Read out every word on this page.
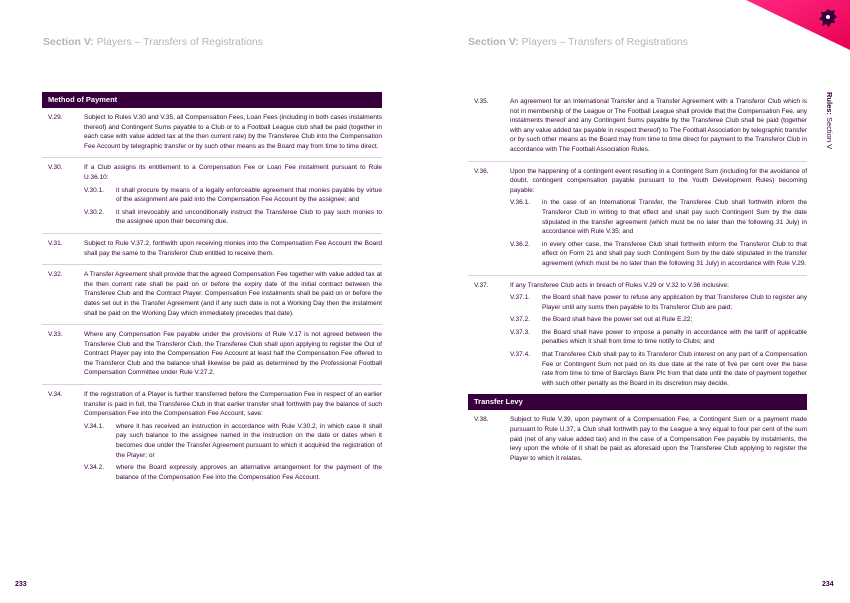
Section V: Players – Transfers of Registrations	Section V: Players – Transfers of Registrations
Rules: Section V
Method of Payment
V.29.	Subject to Rules V.30 and V.35, all Compensation Fees, Loan Fees (including in both cases instalments thereof) and Contingent Sums payable to a Club or to a Football League club shall be paid (together in each case with value added tax at the then current rate) by the Transferee Club into the Compensation Fee Account by telegraphic transfer or by such other means as the Board may from time to time direct.

V.30.	If a Club assigns its entitlement to a Compensation Fee or Loan Fee instalment pursuant to Rule U.36.10:

V.30.1.	it shall procure by means of a legally enforceable agreement that monies payable by virtue of the assignment are paid into the Compensation Fee Account by the assignee; and
V.30.2.	it shall irrevocably and unconditionally instruct the Transferee Club to pay such monies to the assignee upon their becoming due.
V.31.	Subject to Rule V.37.2, forthwith upon receiving monies into the Compensation Fee Account the Board shall pay the same to the Transferor Club entitled to receive them.

V.32.	A Transfer Agreement shall provide that the agreed Compensation Fee together with value added tax at the then current rate shall be paid on or before the expiry date of the initial contract between the Transferee Club and the Contract Player. Compensation Fee instalments shall be paid on or before the dates set out in the Transfer Agreement (and if any such date is not a Working Day then the instalment shall be paid on the Working Day which immediately precedes that date).

V.33.	Where any Compensation Fee payable under the provisions of Rule V.17 is not agreed between the Transferee Club and the Transferor Club, the Transferee Club shall upon applying to register the Out of Contract Player pay into the Compensation Fee Account at least half the Compensation Fee offered to the Transferor Club and the balance shall likewise be paid as determined by the Professional Football Compensation Committee under Rule V.27.2.

V.34.	If the registration of a Player is further transferred before the Compensation Fee in respect of an earlier transfer is paid in full, the Transferee Club in that earlier transfer shall forthwith pay the balance of such Compensation Fee into the Compensation Fee Account, save:

V.34.1.	where it has received an instruction in accordance with Rule V.30.2, in which case it shall pay such balance to the assignee named in the instruction on the date or dates when it becomes due under the Transfer Agreement pursuant to which it acquired the registration of the Player; or
V.34.2.	where the Board expressly approves an alternative arrangement for the payment of the balance of the Compensation Fee into the Compensation Fee Account.
V.35.	An agreement for an International Transfer and a Transfer Agreement with a Transferor Club which is not in membership of the League or The Football League shall provide that the Compensation Fee, any instalments thereof and any Contingent Sums payable by the Transferee Club shall be paid (together with any value added tax payable in respect thereof) to The Football Association by telegraphic transfer or by such other means as the Board may from time to time direct for payment to the Transferor Club in accordance with The Football Association Rules.

V.36.	Upon the happening of a contingent event resulting in a Contingent Sum (including for the avoidance of doubt, contingent compensation payable pursuant to the Youth Development Rules) becoming payable:

V.36.1.	in the case of an International Transfer, the Transferee Club shall forthwith inform the Transferor Club in writing to that effect and shall pay such Contingent Sum by the date stipulated in the transfer agreement (which must be no later than the following 31 July) in accordance with Rule V.35; and
V.36.2.	in every other case, the Transferee Club shall forthwith inform the Transferor Club to that effect on Form 21 and shall pay such Contingent Sum by the date stipulated in the transfer agreement (which must be no later than the following 31 July) in accordance with Rule V.29.
V.37.	If any Transferee Club acts in breach of Rules V.29 or V.32 to V.36 inclusive:

V.37.1.	the Board shall have power to refuse any application by that Transferee Club to register any Player until any sums then payable to its Transferor Club are paid;
V.37.2.	the Board shall have the power set out at Rule E.22;
V.37.3.	the Board shall have power to impose a penalty in accordance with the tariff of applicable penalties which it shall from time to time notify to Clubs; and
V.37.4.	that Transferee Club shall pay to its Transferor Club interest on any part of a Compensation Fee or Contingent Sum not paid on its due date at the rate of five per cent over the base rate from time to time of Barclays Bank Plc from that date until the date of payment together with such other penalty as the Board in its discretion may decide.
Transfer Levy
V.38.	Subject to Rule V.39, upon payment of a Compensation Fee, a Contingent Sum or a payment made pursuant to Rule U.37, a Club shall forthwith pay to the League a levy equal to four per cent of the sum paid (net of any value added tax) and in the case of a Compensation Fee payable by instalments, the levy upon the whole of it shall be paid as aforesaid upon the Transferee Club applying to register the Player to which it relates.

233	234
